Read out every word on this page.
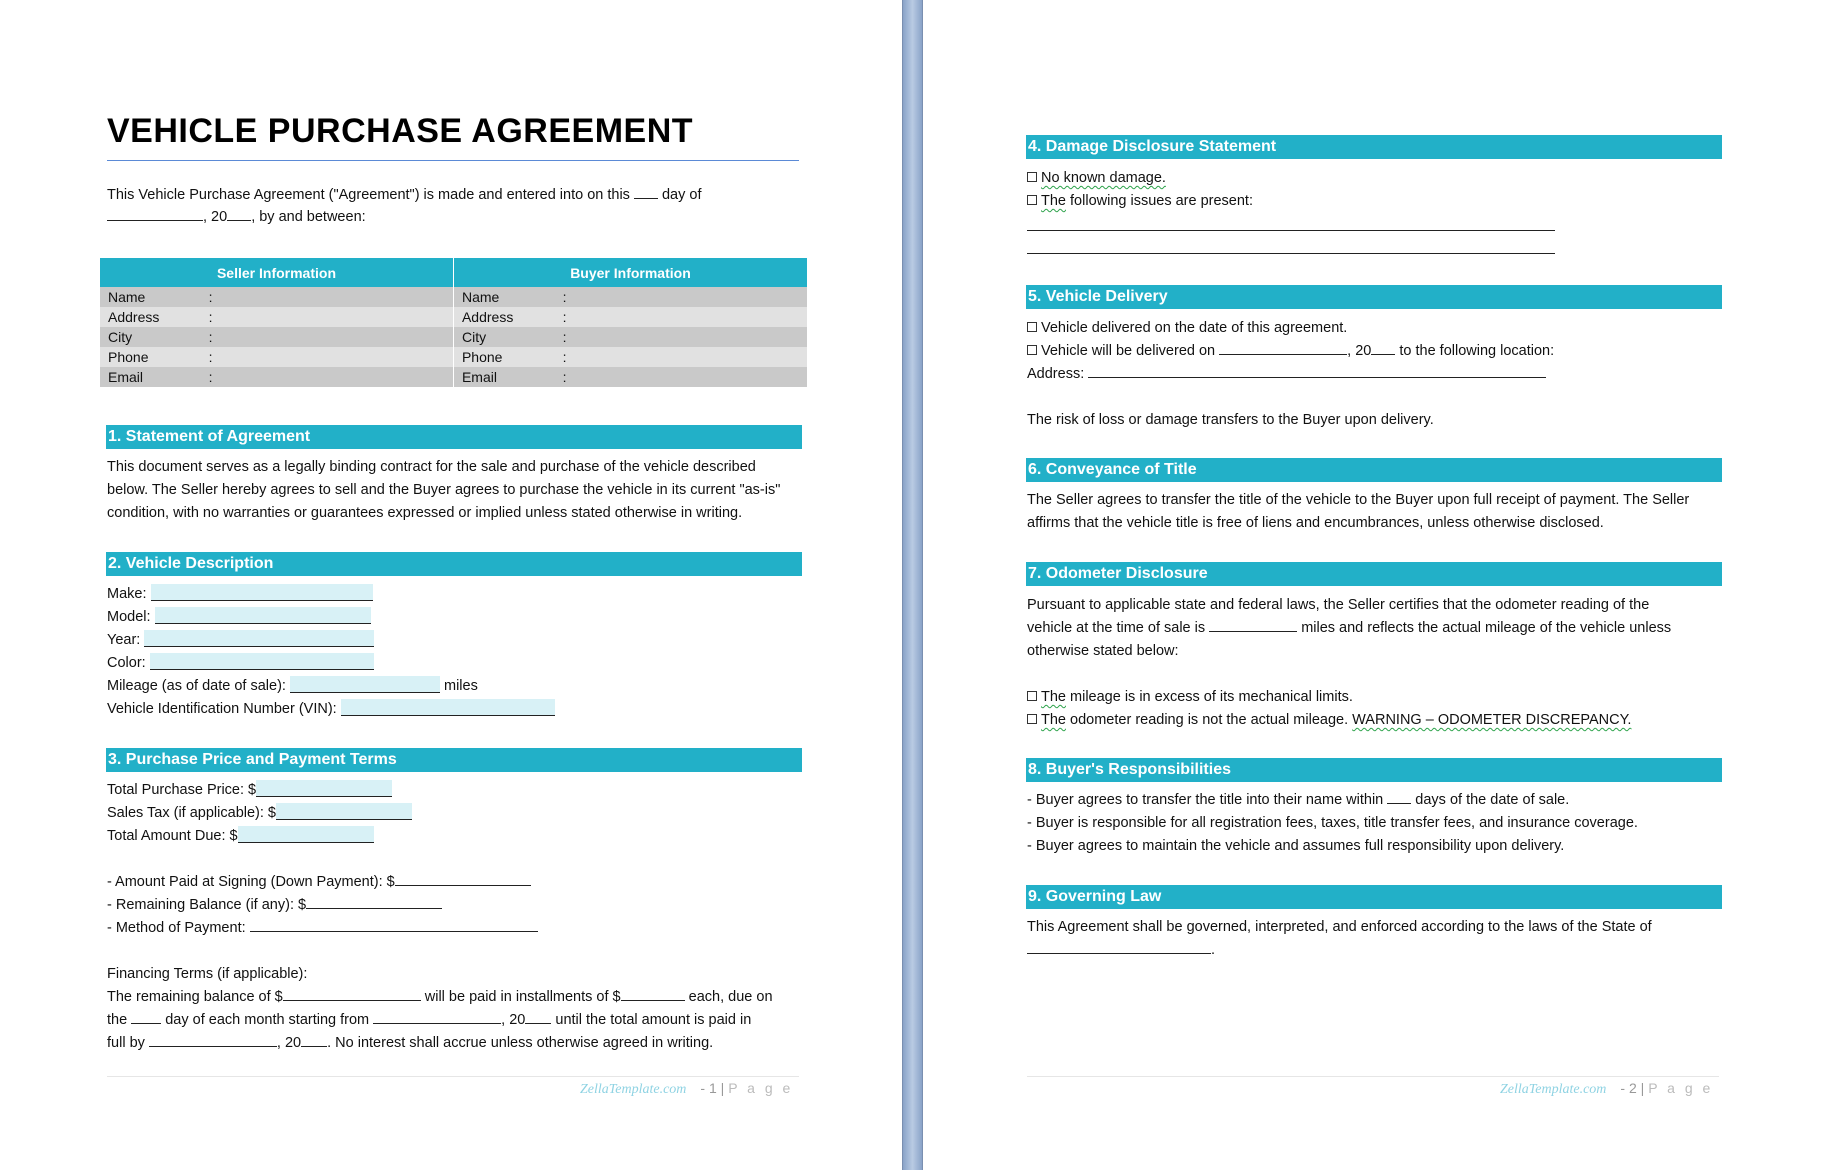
VEHICLE PURCHASE AGREEMENT
This Vehicle Purchase Agreement ("Agreement") is made and entered into on this day of
, 20 , by and between:
Seller Information			Buyer Information		
Name	:		Name	:	
Address	:		Address	:	
City	:		City	:	
Phone	:		Phone	:	
Email	:		Email	:	
1. Statement of Agreement
This document serves as a legally binding contract for the sale and purchase of the vehicle described
below. The Seller hereby agrees to sell and the Buyer agrees to purchase the vehicle in its current "as-is"
condition, with no warranties or guarantees expressed or implied unless stated otherwise in writing.
2. Vehicle Description
Make:
Model:
Year:
Color:
Mileage (as of date of sale):	miles
Vehicle Identification Number (VIN):
3. Purchase Price and Payment Terms
Total Purchase Price: $
Sales Tax (if applicable): $
Total Amount Due: $
- Amount Paid at Signing (Down Payment): $
- Remaining Balance (if any): $
- Method of Payment:
Financing Terms (if applicable):
The remaining balance of $	will be paid in installments of $	each, due on
the	day of each month starting from	, 20 until the total amount is paid in
full by	, 20 . No interest shall accrue unless otherwise agreed in writing.
ZellaTemplate.com - 1 | P a g e
4. Damage Disclosure Statement
No known damage.
The following issues are present:
5. Vehicle Delivery
Vehicle delivered on the date of this agreement.
Vehicle will be delivered on	, 20 to the following location:
Address:
The risk of loss or damage transfers to the Buyer upon delivery.
6. Conveyance of Title
The Seller agrees to transfer the title of the vehicle to the Buyer upon full receipt of payment. The Seller
affirms that the vehicle title is free of liens and encumbrances, unless otherwise disclosed.
7. Odometer Disclosure
Pursuant to applicable state and federal laws, the Seller certifies that the odometer reading of the
vehicle at the time of sale is	miles and reflects the actual mileage of the vehicle unless
otherwise stated below:
The mileage is in excess of its mechanical limits.
The odometer reading is not the actual mileage. WARNING – ODOMETER DISCREPANCY.
8. Buyer's Responsibilities
- Buyer agrees to transfer the title into their name within days of the date of sale.
- Buyer is responsible for all registration fees, taxes, title transfer fees, and insurance coverage.
- Buyer agrees to maintain the vehicle and assumes full responsibility upon delivery.
9. Governing Law
This Agreement shall be governed, interpreted, and enforced according to the laws of the State of
.
ZellaTemplate.com - 2 | P a g e
